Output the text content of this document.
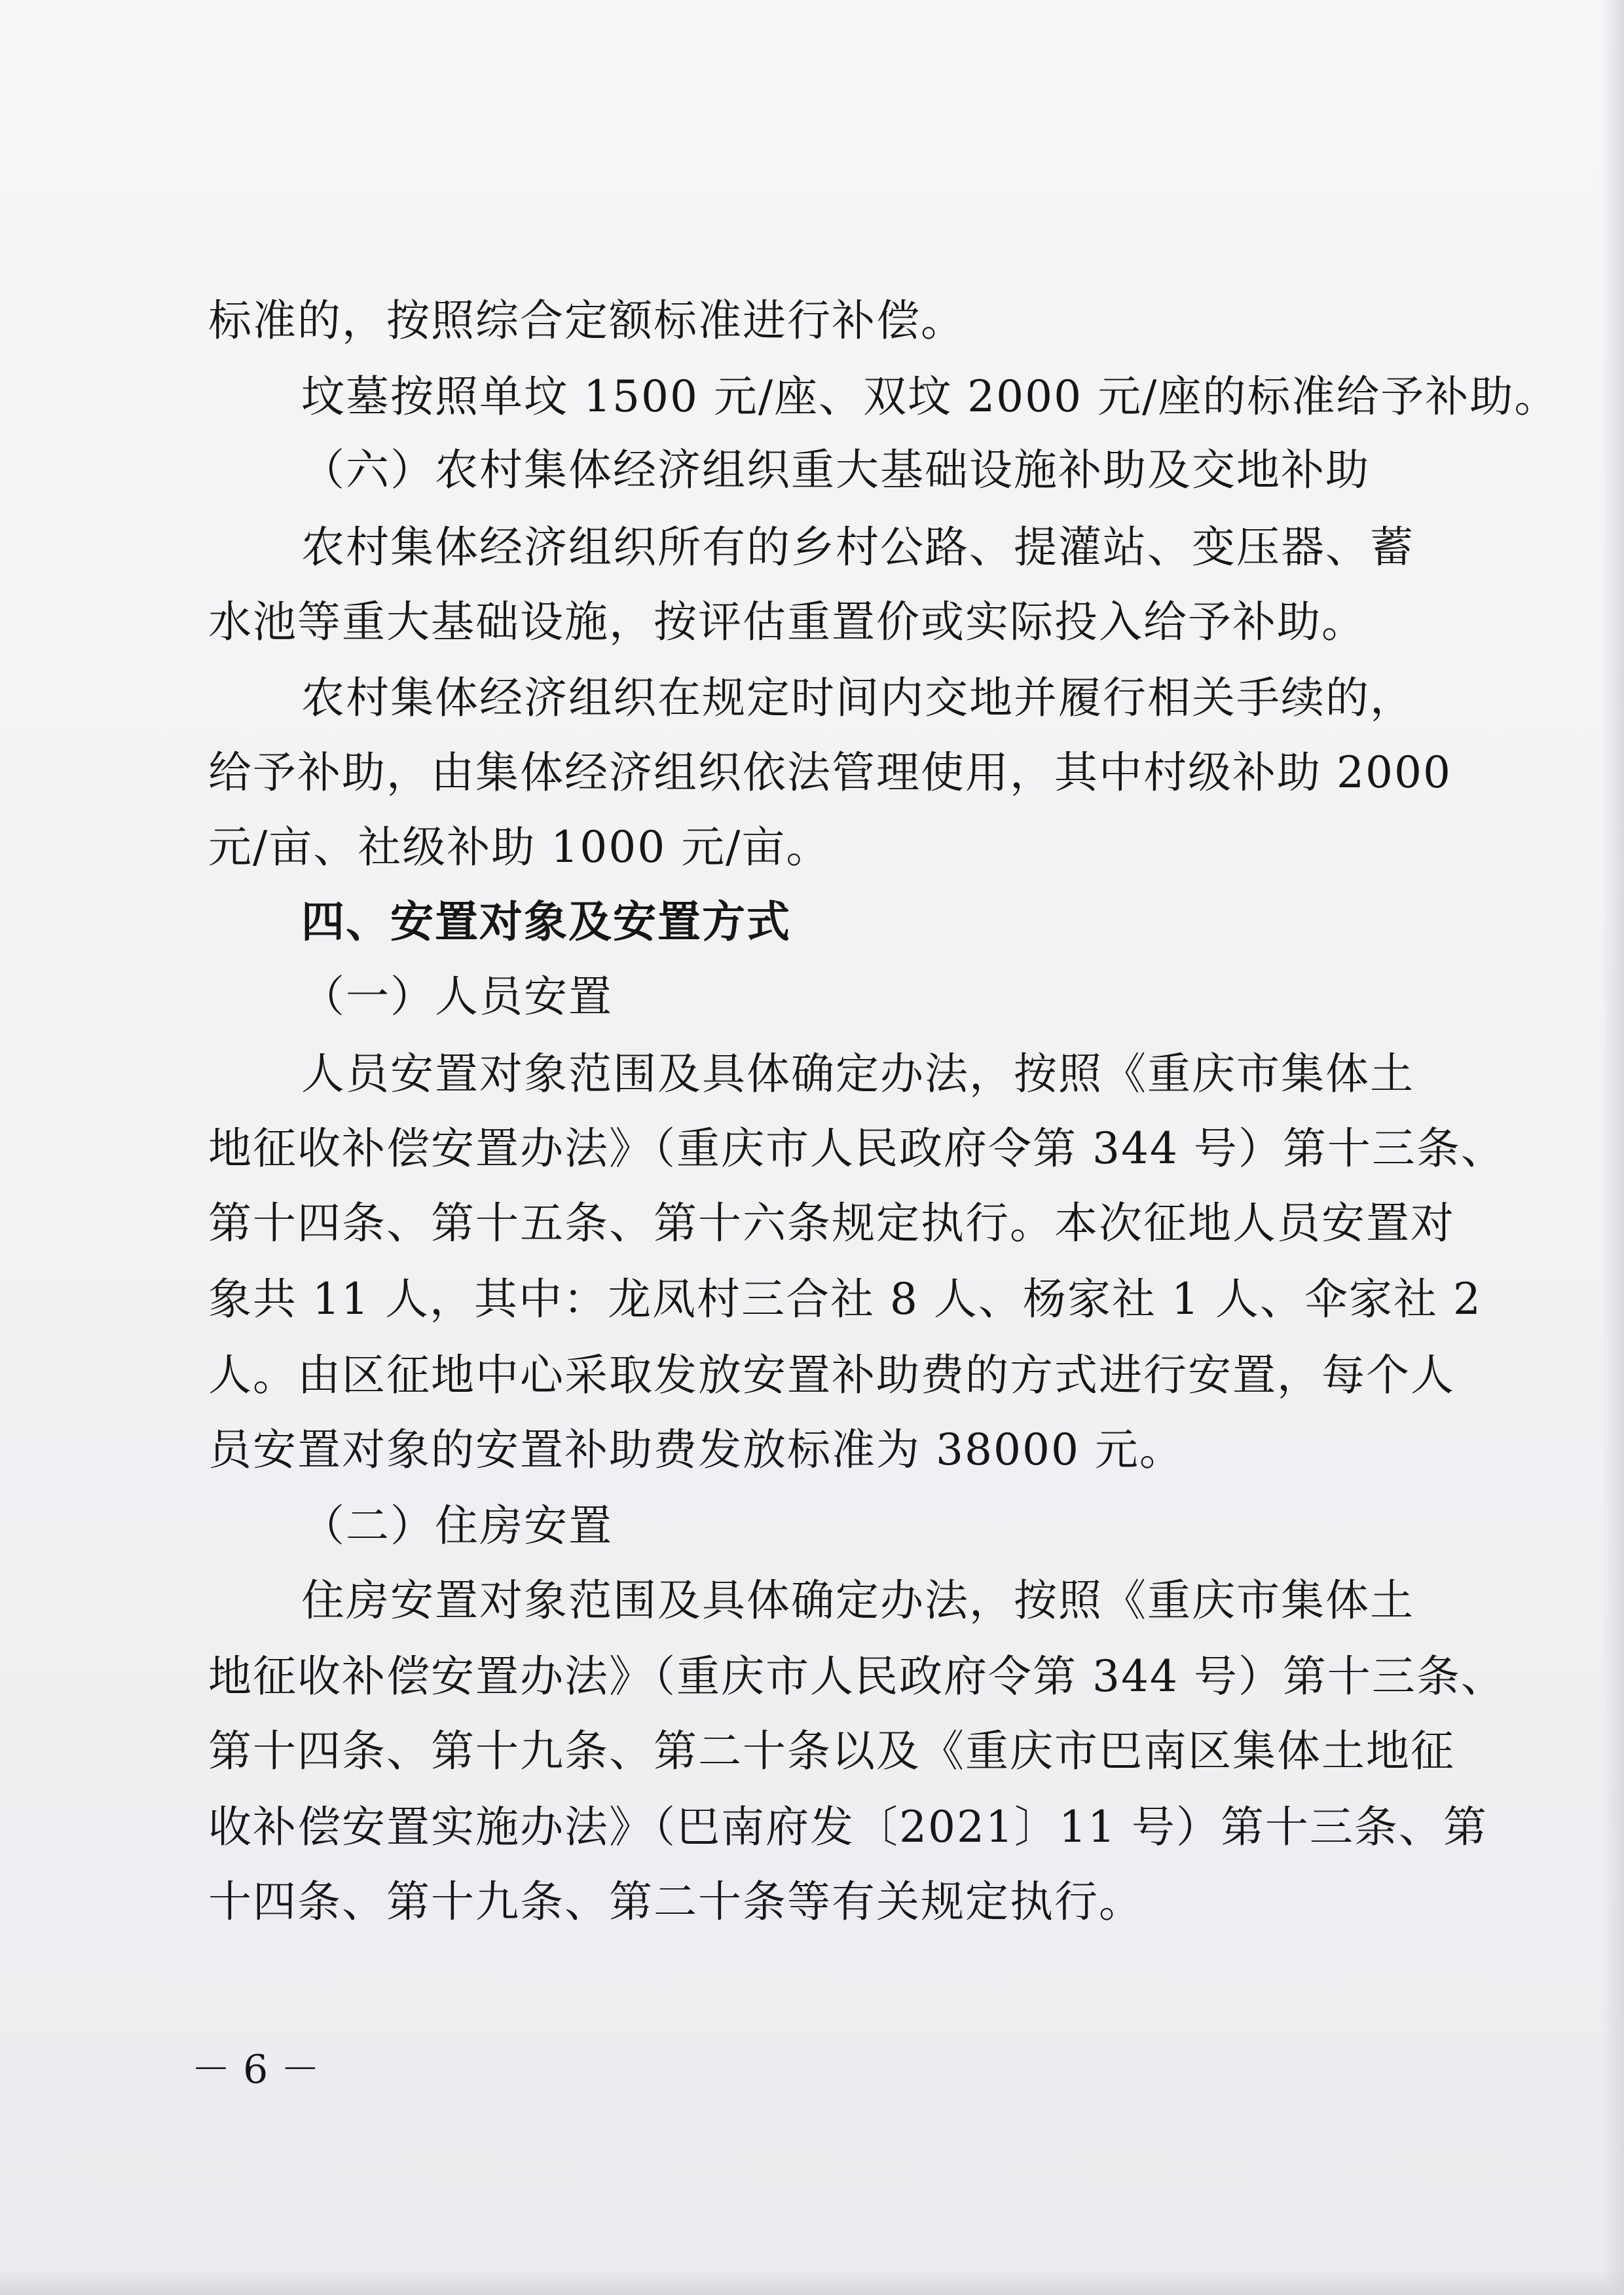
标准的，按照综合定额标准进行补偿。
坟墓按照单坟 1500 元/座、双坟 2000 元/座的标准给予补助。
（六）农村集体经济组织重大基础设施补助及交地补助
农村集体经济组织所有的乡村公路、提灌站、变压器、蓄
水池等重大基础设施，按评估重置价或实际投入给予补助。
农村集体经济组织在规定时间内交地并履行相关手续的，
给予补助，由集体经济组织依法管理使用，其中村级补助 2000
元/亩、社级补助 1000 元/亩。
四、安置对象及安置方式
（一）人员安置
人员安置对象范围及具体确定办法，按照《重庆市集体土
地征收补偿安置办法》（重庆市人民政府令第 344 号）第十三条、
第十四条、第十五条、第十六条规定执行。本次征地人员安置对
象共 11 人，其中：龙凤村三合社 8 人、杨家社 1 人、伞家社 2
人。由区征地中心采取发放安置补助费的方式进行安置，每个人
员安置对象的安置补助费发放标准为 38000 元。
（二）住房安置
住房安置对象范围及具体确定办法，按照《重庆市集体土
地征收补偿安置办法》（重庆市人民政府令第 344 号）第十三条、
第十四条、第十九条、第二十条以及《重庆市巴南区集体土地征
收补偿安置实施办法》（巴南府发〔2021〕11 号）第十三条、第
十四条、第十九条、第二十条等有关规定执行。
－ 6 －
